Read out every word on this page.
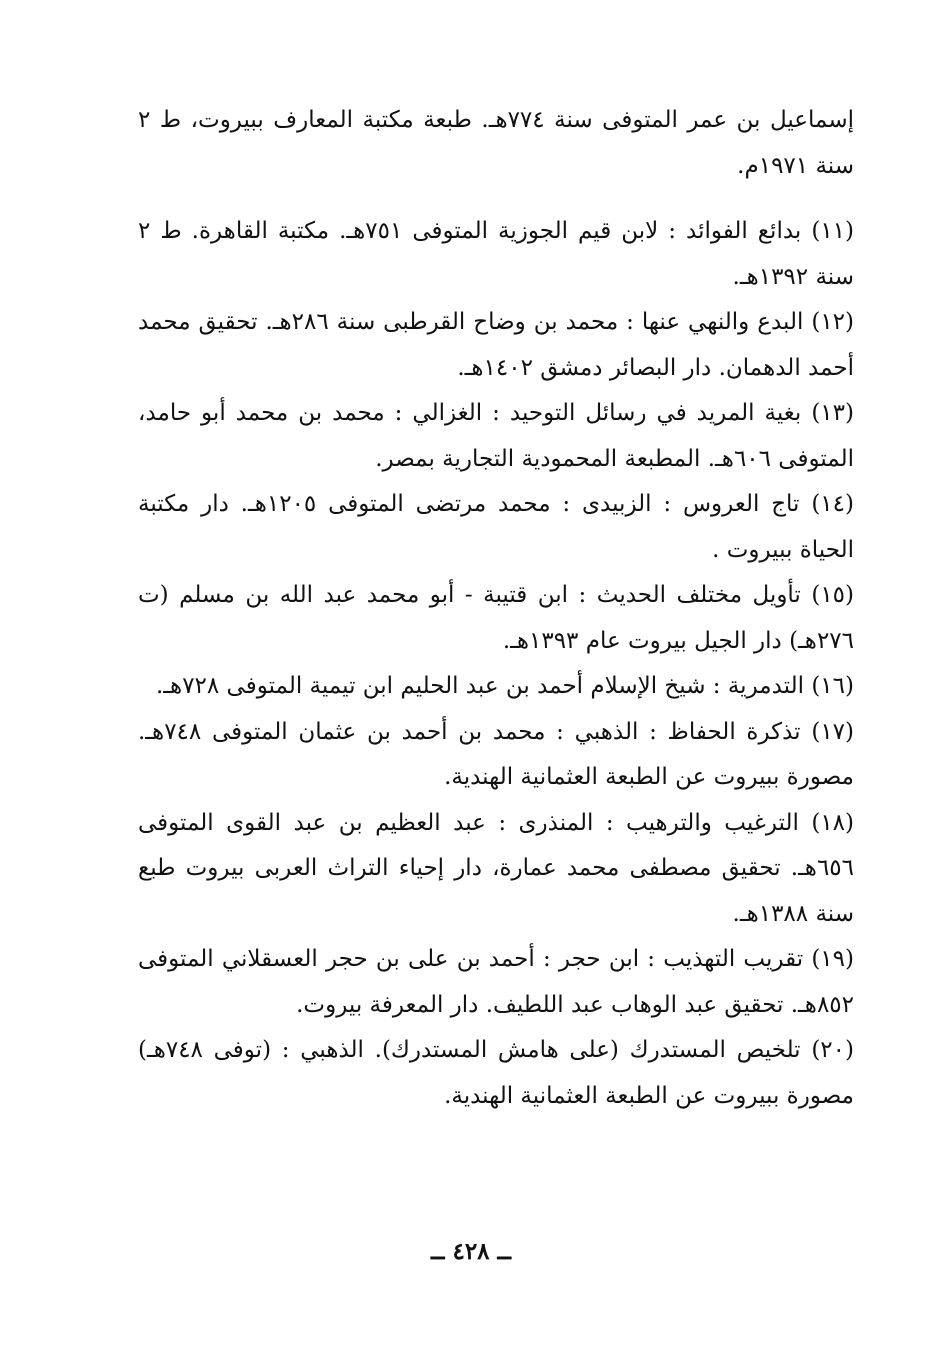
إسماعيل بن عمر المتوفى سنة ٧٧٤هـ. طبعة مكتبة المعارف ببيروت، ط ٢ سنة ١٩٧١م.

(١١) بدائع الفوائد : لابن قيم الجوزية المتوفى ٧٥١هـ. مكتبة القاهرة. ط ٢ سنة ١٣٩٢هـ.

(١٢) البدع والنهي عنها : محمد بن وضاح القرطبى سنة ٢٨٦هـ. تحقيق محمد أحمد الدهمان. دار البصائر دمشق ١٤٠٢هـ.

(١٣) بغية المريد في رسائل التوحيد : الغزالي : محمد بن محمد أبو حامد، المتوفى ٦٠٦هـ. المطبعة المحمودية التجارية بمصر.

(١٤) تاج العروس : الزبيدى : محمد مرتضى المتوفى ١٢٠٥هـ. دار مكتبة الحياة ببيروت .

(١٥) تأويل مختلف الحديث : ابن قتيبة - أبو محمد عبد الله بن مسلم (ت ٢٧٦هـ) دار الجيل بيروت عام ١٣٩٣هـ.

(١٦) التدمرية : شيخ الإسلام أحمد بن عبد الحليم ابن تيمية المتوفى ٧٢٨هـ.

(١٧) تذكرة الحفاظ : الذهبي : محمد بن أحمد بن عثمان المتوفى ٧٤٨هـ. مصورة ببيروت عن الطبعة العثمانية الهندية.

(١٨) الترغيب والترهيب : المنذرى : عبد العظيم بن عبد القوى المتوفى ٦٥٦هـ. تحقيق مصطفى محمد عمارة، دار إحياء التراث العربى بيروت طبع سنة ١٣٨٨هـ.

(١٩) تقريب التهذيب : ابن حجر : أحمد بن على بن حجر العسقلاني المتوفى ٨٥٢هـ. تحقيق عبد الوهاب عبد اللطيف. دار المعرفة بيروت.

(٢٠) تلخيص المستدرك (على هامش المستدرك). الذهبي : (توفى ٧٤٨هـ) مصورة ببيروت عن الطبعة العثمانية الهندية.

ــ ٤٢٨ ــ
